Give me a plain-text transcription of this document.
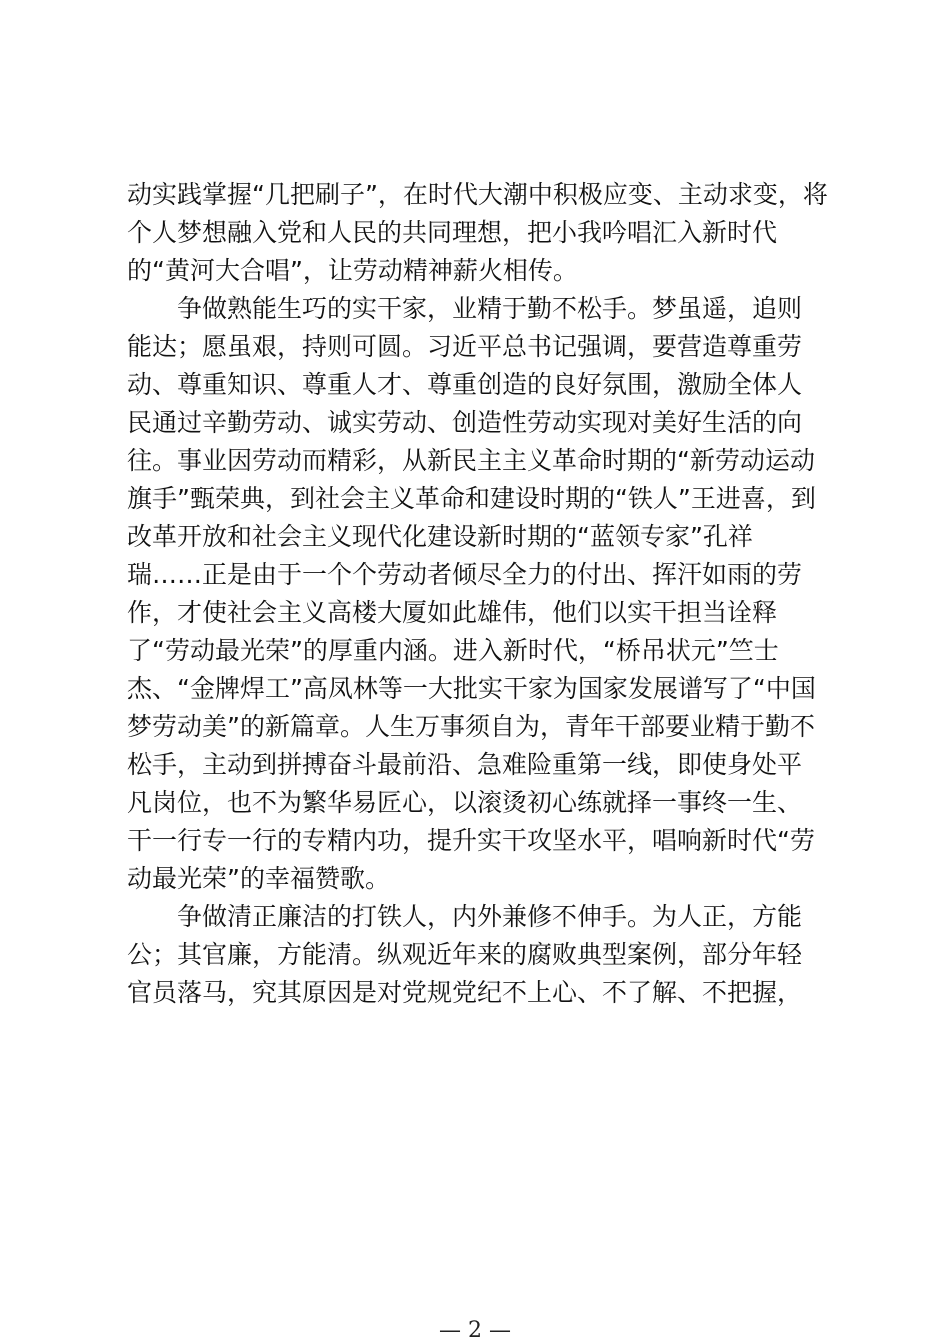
动实践掌握“几把刷子”，在时代大潮中积极应变、主动求变，将

个人梦想融入党和人民的共同理想，把小我吟唱汇入新时代

的“黄河大合唱”，让劳动精神薪火相传。

　　争做熟能生巧的实干家，业精于勤不松手。梦虽遥，追则

能达；愿虽艰，持则可圆。习近平总书记强调，要营造尊重劳

动、尊重知识、尊重人才、尊重创造的良好氛围，激励全体人

民通过辛勤劳动、诚实劳动、创造性劳动实现对美好生活的向

往。事业因劳动而精彩，从新民主主义革命时期的“新劳动运动

旗手”甄荣典，到社会主义革命和建设时期的“铁人”王进喜，到

改革开放和社会主义现代化建设新时期的“蓝领专家”孔祥

瑞……正是由于一个个劳动者倾尽全力的付出、挥汗如雨的劳

作，才使社会主义高楼大厦如此雄伟，他们以实干担当诠释

了“劳动最光荣”的厚重内涵。进入新时代，“桥吊状元”竺士

杰、“金牌焊工”高凤林等一大批实干家为国家发展谱写了“中国

梦劳动美”的新篇章。人生万事须自为，青年干部要业精于勤不

松手，主动到拼搏奋斗最前沿、急难险重第一线，即使身处平

凡岗位，也不为繁华易匠心，以滚烫初心练就择一事终一生、

干一行专一行的专精内功，提升实干攻坚水平，唱响新时代“劳

动最光荣”的幸福赞歌。

　　争做清正廉洁的打铁人，内外兼修不伸手。为人正，方能

公；其官廉，方能清。纵观近年来的腐败典型案例，部分年轻

官员落马，究其原因是对党规党纪不上心、不了解、不把握，

— 2 —
